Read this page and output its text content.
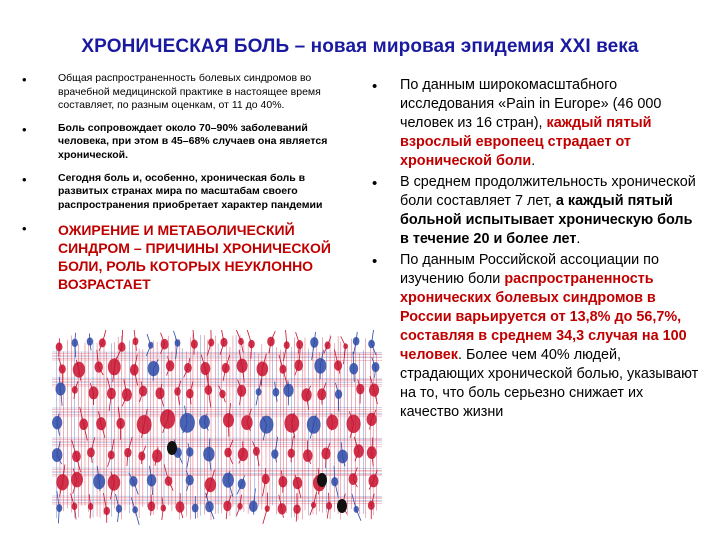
ХРОНИЧЕСКАЯ БОЛЬ – новая мировая эпидемия XXI века
•	Общая распространенность болевых синдромов во врачебной медицинской практике в настоящее время составляет, по разным оценкам, от 11 до 40%.
•	Боль сопровождает около 70–90% заболеваний человека, при этом в 45–68% случаев она является хронической.
•	Сегодня боль и, особенно, хроническая боль в развитых странах мира по масштабам своего распространения приобретает характер пандемии
• ОЖИРЕНИЕ И МЕТАБОЛИЧЕСКИЙ СИНДРОМ – ПРИЧИНЫ ХРОНИЧЕСКОЙ БОЛИ, РОЛЬ КОТОРЫХ НЕУКЛОННО ВОЗРАСТАЕТ
• По данным широкомасштабного исследования «Pain in Europe» (46 000 человек из 16 стран), каждый пятый взрослый европеец страдает от хронической боли.
• В среднем продолжительность хронической боли составляет 7 лет, а каждый пятый больной испытывает хроническую боль в течение 20 и более лет.
• По данным Российской ассоциации по изучению боли распространенность хронических болевых синдромов в России варьируется от 13,8% до 56,7%, составляя в среднем 34,3 случая на 100 человек. Более чем 40% людей, страдающих хронической болью, указывают на то, что боль серьезно снижает их качество жизни
